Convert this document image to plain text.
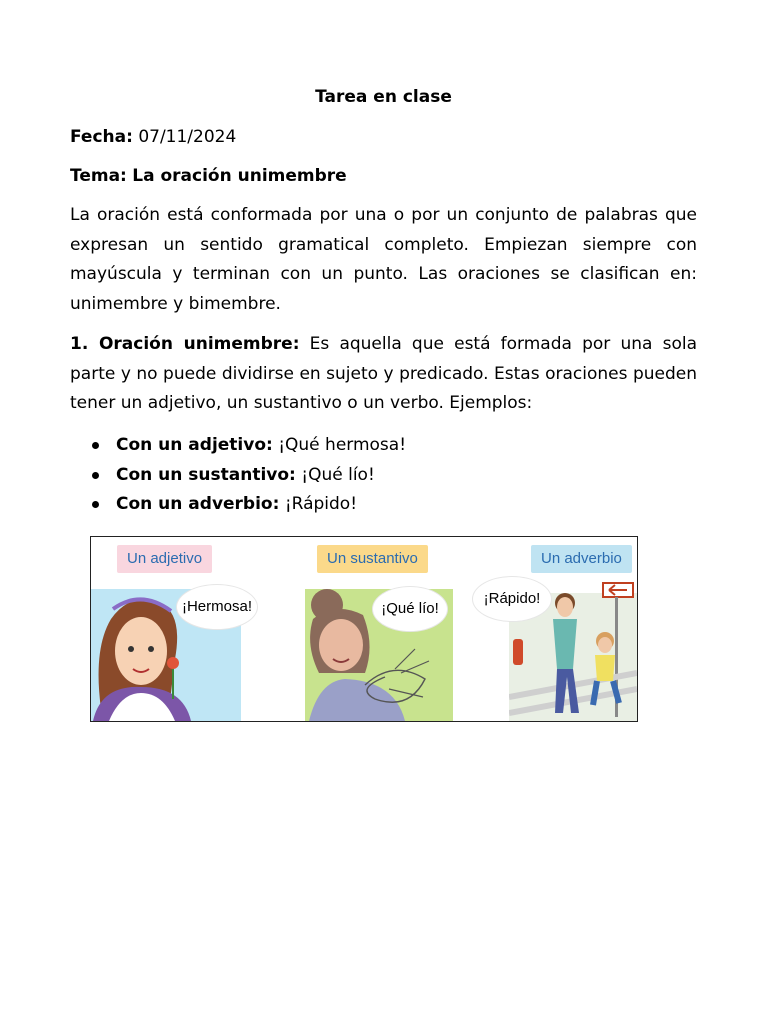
Tarea en clase
Fecha: 07/11/2024
Tema: La oración unimembre
La oración está conformada por una o por un conjunto de palabras que expresan un sentido gramatical completo. Empiezan siempre con mayúscula y terminan con un punto. Las oraciones se clasifican en: unimembre y bimembre.
1. Oración unimembre: Es aquella que está formada por una sola parte y no puede dividirse en sujeto y predicado. Estas oraciones pueden tener un adjetivo, un sustantivo o un verbo. Ejemplos:
Con un adjetivo: ¡Qué hermosa!
Con un sustantivo: ¡Qué lío!
Con un adverbio: ¡Rápido!
Un adjetivo
¡Hermosa!
Un sustantivo
¡Qué lío!
Un adverbio
¡Rápido!
